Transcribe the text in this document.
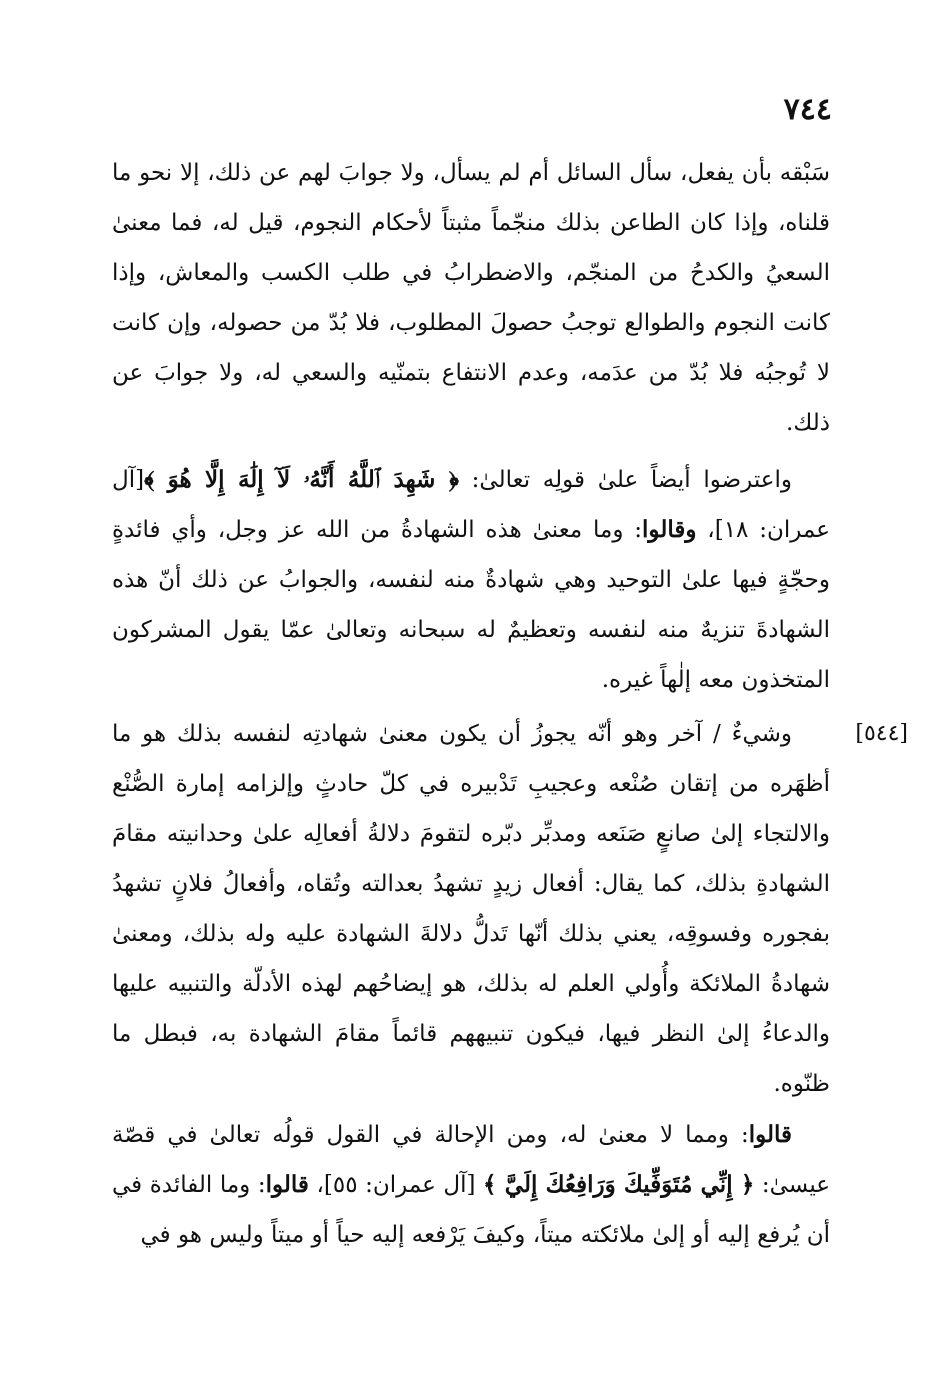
٧٤٤
[٥٤٤]

سَبْقه بأن يفعل، سأل السائل أم لم يسأل، ولا جوابَ لهم عن ذلك، إلا نحو ما قلناه، وإذا كان الطاعن بذلك منجّماً مثبتاً لأحكام النجوم، قيل له، فما معنىٰ السعيُ والكدحُ من المنجّم، والاضطرابُ في طلب الكسب والمعاش، وإذا كانت النجوم والطوالع توجبُ حصولَ المطلوب، فلا بُدّ من حصوله، وإن كانت لا تُوجبُه فلا بُدّ من عدَمه، وعدم الانتفاع بتمنّيه والسعي له، ولا جوابَ عن ذلك.

واعترضوا أيضاً علىٰ قولِه تعالىٰ: ﴿ شَهِدَ ٱللَّهُ أَنَّهُۥ لَآ إِلَٰهَ إِلَّا هُوَ ﴾[آل عمران: ١٨]، وقالوا: وما معنىٰ هذه الشهادةُ من الله عز وجل، وأي فائدةٍ وحجّةٍ فيها علىٰ التوحيد وهي شهادةٌ منه لنفسه، والجوابُ عن ذلك أنّ هذه الشهادةَ تنزيهٌ منه لنفسه وتعظيمٌ له سبحانه وتعالىٰ عمّا يقول المشركون المتخذون معه إلٰهاً غيره.

وشيءٌ / آخر وهو أنّه يجوزُ أن يكون معنىٰ شهادتِه لنفسه بذلك هو ما أظهَره من إتقان صُنْعه وعجيبِ تَدْبيره في كلّ حادثٍ وإلزامه إمارة الصُّنْع والالتجاء إلىٰ صانعٍ صَنَعه ومدبِّر دبّره لتقومَ دلالةُ أفعالِه علىٰ وحدانيته مقامَ الشهادةِ بذلك، كما يقال: أفعال زيدٍ تشهدُ بعدالته وتُقاه، وأفعالُ فلانٍ تشهدُ بفجوره وفسوقِه، يعني بذلك أنّها تَدلُّ دلالةَ الشهادة عليه وله بذلك، ومعنىٰ شهادةُ الملائكة وأُولي العلم له بذلك، هو إيضاحُهم لهذه الأدلّة والتنبيه عليها والدعاءُ إلىٰ النظر فيها، فيكون تنبيههم قائماً مقامَ الشهادة به، فبطل ما ظنّوه.

قالوا: ومما لا معنىٰ له، ومن الإحالة في القول قولُه تعالىٰ في قصّة عيسىٰ: ﴿ إِنِّي مُتَوَفِّيكَ وَرَافِعُكَ إِلَيَّ ﴾ [آل عمران: ٥٥]، قالوا: وما الفائدة في أن يُرفع إليه أو إلىٰ ملائكته ميتاً، وكيفَ يَرْفعه إليه حياً أو ميتاً وليس هو في
